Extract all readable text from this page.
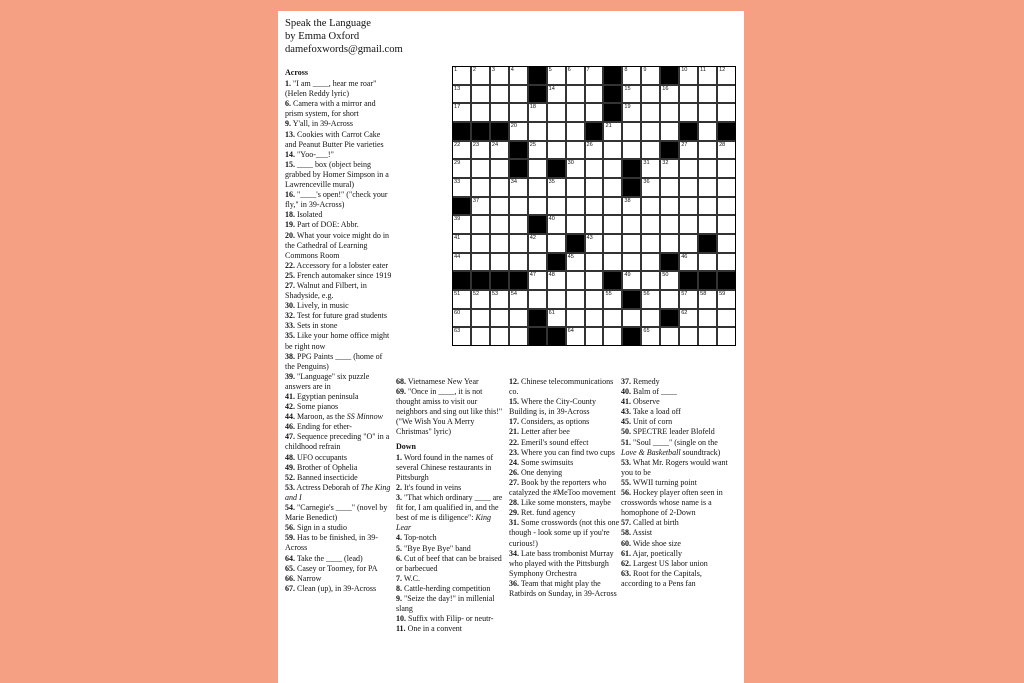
Speak the Language
by Emma Oxford
damefoxwords@gmail.com
Across
1. "I am ____, hear me roar" (Helen Reddy lyric)
6. Camera with a mirror and prism system, for short
9. Y'all, in 39-Across
13. Cookies with Carrot Cake and Peanut Butter Pie varieties
14. "Yoo-___!"
15. ____ box (object being grabbed by Homer Simpson in a Lawrenceville mural)
16. "____'s open!" ("check your fly," in 39-Across)
18. Isolated
19. Part of DOE: Abbr.
20. What your voice might do in the Cathedral of Learning Commons Room
22. Accessory for a lobster eater
25. French automaker since 1919
27. Walnut and Filbert, in Shadyside, e.g.
30. Lively, in music
32. Test for future grad students
33. Sets in stone
35. Like your home office might be right now
38. PPG Paints ____ (home of the Penguins)
39. "Language" six puzzle answers are in
41. Egyptian peninsula
42. Some pianos
44. Maroon, as the SS Minnow
46. Ending for ether-
47. Sequence preceding "O" in a childhood refrain
48. UFO occupants
49. Brother of Ophelia
52. Banned insecticide
53. Actress Deborah of The King and I
54. "Carnegie's ____" (novel by Marie Benedict)
56. Sign in a studio
59. Has to be finished, in 39-Across
64. Take the ____ (lead)
65. Casey or Toomey, for PA
66. Narrow
67. Clean (up), in 39-Across
68. Vietnamese New Year
69. "Once in ____, it is not thought amiss to visit our neighbors and sing out like this!" ("We Wish You A Merry Christmas" lyric)
Down
1. Word found in the names of several Chinese restaurants in Pittsburgh
2. It's found in veins
3. "That which ordinary ____ are fit for, I am qualified in, and the best of me is diligence": King Lear
4. Top-notch
5. "Bye Bye Bye" band
6. Cut of beef that can be braised or barbecued
7. W.C.
8. Cattle-herding competition
9. "Seize the day!" in millenial slang
10. Suffix with Filip- or neutr-
11. One in a convent
12. Chinese telecommunications co.
15. Where the City-County Building is, in 39-Across
17. Considers, as options
21. Letter after bee
22. Emeril's sound effect
23. Where you can find two cups
24. Some swimsuits
26. One denying
27. Book by the reporters who catalyzed the #MeToo movement
28. Like some monsters, maybe
29. Ret. fund agency
31. Some crosswords (not this one though - look some up if you're curious!)
34. Late bass trombonist Murray who played with the Pittsburgh Symphony Orchestra
36. Team that might play the Ratbirds on Sunday, in 39-Across
37. Remedy
40. Balm of ____
41. Observe
43. Take a load off
45. Unit of corn
50. SPECTRE leader Blofeld
51. "Soul ____" (single on the Love & Basketball soundtrack)
53. What Mr. Rogers would want you to be
55. WWII turning point
56. Hockey player often seen in crosswords whose name is a homophone of 2-Down
57. Called at birth
58. Assist
60. Wide shoe size
61. Ajar, poetically
62. Largest US labor union
63. Root for the Capitals, according to a Pens fan
1	2	3	4	5	6	7	8	9	10 11 12
13	14	15	16
17	18	19
20	21
22 23 24	25	26	27	28
29	30	31 32
33	34	35	36
37	38
39	40
41	42	43
44	45	46
47 48	49	50
51 52 53 54	55	56	57 58 59
60	61	62
63	64	65
